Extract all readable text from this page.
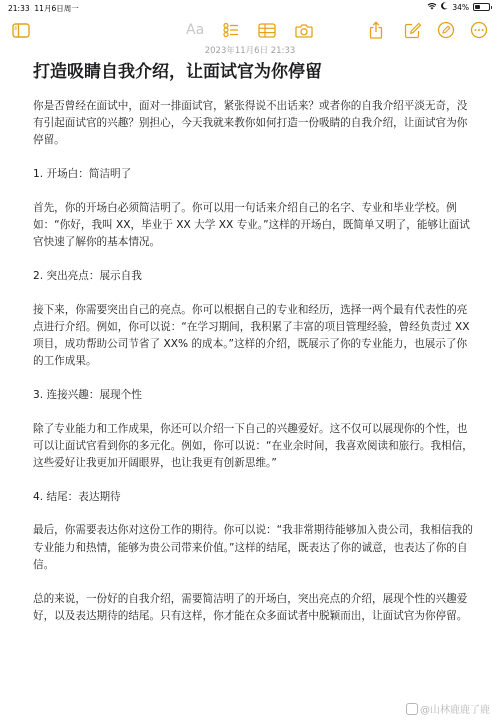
21:33 11月6日周一	34%
Aa
2023年11月6日 21:33
打造吸睛自我介绍，让面试官为你停留
你是否曾经在面试中，面对一排面试官，紧张得说不出话来？或者你的自我介绍平淡无奇，没有引起面试官的兴趣？别担心，今天我就来教你如何打造一份吸睛的自我介绍，让面试官为你停留。
1. 开场白：简洁明了
首先，你的开场白必须简洁明了。你可以用一句话来介绍自己的名字、专业和毕业学校。例如：“你好，我叫 XX，毕业于 XX 大学 XX 专业。”这样的开场白，既简单又明了，能够让面试官快速了解你的基本情况。
2. 突出亮点：展示自我
接下来，你需要突出自己的亮点。你可以根据自己的专业和经历，选择一两个最有代表性的亮点进行介绍。例如，你可以说：“在学习期间，我积累了丰富的项目管理经验，曾经负责过 XX 项目，成功帮助公司节省了 XX% 的成本。”这样的介绍，既展示了你的专业能力，也展示了你的工作成果。
3. 连接兴趣：展现个性
除了专业能力和工作成果，你还可以介绍一下自己的兴趣爱好。这不仅可以展现你的个性，也可以让面试官看到你的多元化。例如，你可以说：“在业余时间，我喜欢阅读和旅行。我相信，这些爱好让我更加开阔眼界，也让我更有创新思维。”
4. 结尾：表达期待
最后，你需要表达你对这份工作的期待。你可以说：“我非常期待能够加入贵公司，我相信我的专业能力和热情，能够为贵公司带来价值。”这样的结尾，既表达了你的诚意，也表达了你的自信。
总的来说，一份好的自我介绍，需要简洁明了的开场白，突出亮点的介绍，展现个性的兴趣爱好，以及表达期待的结尾。只有这样，你才能在众多面试者中脱颖而出，让面试官为你停留。
@山林鹿鹿了鹿
